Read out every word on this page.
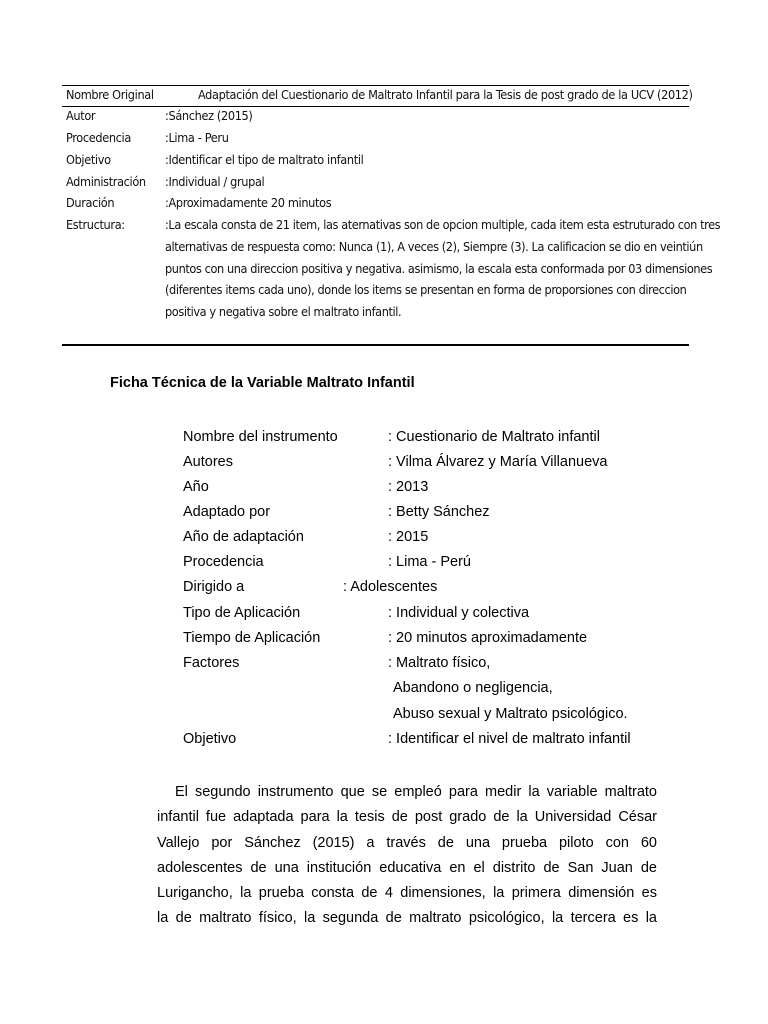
Nombre Original	Adaptación del Cuestionario de Maltrato Infantil para la Tesis de post grado de la UCV (2012)
Autor	:Sánchez (2015)
Procedencia	:Lima - Peru
Objetivo	:Identificar el tipo de maltrato infantil
Administración :Individual / grupal
Duración	:Aproximadamente 20 minutos
Estructura:	:La escala consta de 21 item, las aternativas son de opcion multiple, cada item esta estruturado con tres
alternativas de respuesta como: Nunca (1), A veces (2), Siempre (3). La calificacion se dio en veintiún
puntos con una direccion positiva y negativa. asimismo, la escala esta conformada por 03 dimensiones
(diferentes items cada uno), donde los items se presentan en forma de proporsiones con direccion
positiva y negativa sobre el maltrato infantil.
Ficha Técnica de la Variable Maltrato Infantil
Nombre del instrumento	: Cuestionario de Maltrato infantil
Autores	: Vilma Álvarez y María Villanueva
Año	: 2013
Adaptado por	: Betty Sánchez
Año de adaptación	: 2015
Procedencia	: Lima - Perú
Dirigido a	: Adolescentes
Tipo de Aplicación	: Individual y colectiva
Tiempo de Aplicación	: 20 minutos aproximadamente
Factores	: Maltrato físico,
Abandono o negligencia,
Abuso sexual y Maltrato psicológico.
Objetivo	: Identificar el nivel de maltrato infantil
El segundo instrumento que se empleó para medir la variable maltrato
infantil fue adaptada para la tesis de post grado de la Universidad César
Vallejo por Sánchez (2015) a través de una prueba piloto con 60
adolescentes de una institución educativa en el distrito de San Juan de
Lurigancho, la prueba consta de 4 dimensiones, la primera dimensión es
la de maltrato físico, la segunda de maltrato psicológico, la tercera es la
